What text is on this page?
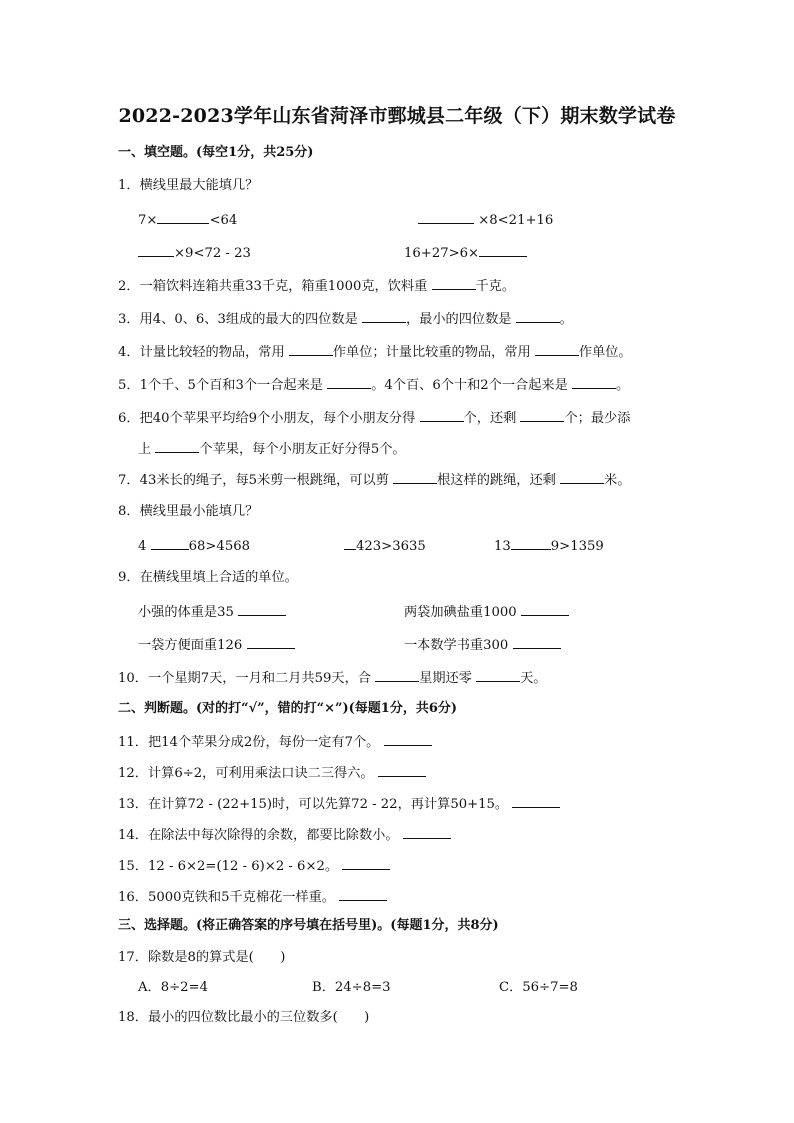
2022-2023学年山东省菏泽市鄄城县二年级（下）期末数学试卷
一、填空题。(每空1分，共25分)
1．横线里最大能填几？
7×	<64	×8<21+16
×9<72 - 23	16+27>6×
2．一箱饮料连箱共重33千克，箱重1000克，饮料重	千克。
3．用4、0、6、3组成的最大的四位数是	，最小的四位数是	。
4．计量比较轻的物品，常用	作单位；计量比较重的物品，常用	作单位。
5．1个千、5个百和3个一合起来是	。4个百、6个十和2个一合起来是	。
6．把40个苹果平均给9个小朋友，每个小朋友分得	个，还剩	个；最少添
上	个苹果，每个小朋友正好分得5个。
7．43米长的绳子，每5米剪一根跳绳，可以剪	根这样的跳绳，还剩	米。
8．横线里最小能填几？
4	68>4568	423>3635	13	9>1359
9．在横线里填上合适的单位。
小强的体重是35	两袋加碘盐重1000
一袋方便面重126	一本数学书重300
10．一个星期7天，一月和二月共59天，合	星期还零	天。
二、判断题。(对的打“√”，错的打“×”)(每题1分，共6分)
11．把14个苹果分成2份，每份一定有7个。
12．计算6÷2，可利用乘法口诀二三得六。
13．在计算72 - (22+15)时，可以先算72 - 22，再计算50+15。
14．在除法中每次除得的余数，都要比除数小。
15．12 - 6×2=(12 - 6)×2 - 6×2。
16．5000克铁和5千克棉花一样重。
三、选择题。(将正确答案的序号填在括号里)。(每题1分，共8分)
17．除数是8的算式是(　　)
A．8÷2=4	B．24÷8=3	C．56÷7=8
18．最小的四位数比最小的三位数多(　　)
